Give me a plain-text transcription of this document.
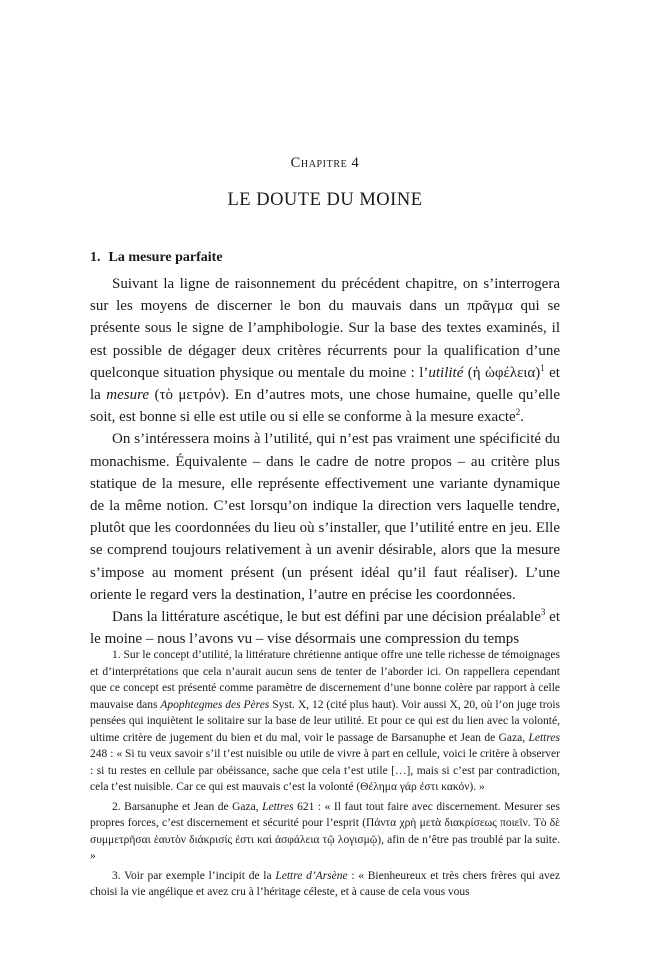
Chapitre 4
LE DOUTE DU MOINE
1. La mesure parfaite

Suivant la ligne de raisonnement du précédent chapitre, on s’interrogera sur les moyens de discerner le bon du mauvais dans un πρᾶγμα qui se présente sous le signe de l’amphibologie. Sur la base des textes examinés, il est possible de dégager deux critères récurrents pour la qualification d’une quelconque situation physique ou mentale du moine : l’utilité (ἡ ὠφέλεια)$^1$ et la mesure (τὸ μετρόν). En d’autres mots, une chose humaine, quelle qu’elle soit, est bonne si elle est utile ou si elle se conforme à la mesure exacte$^2$.

On s’intéressera moins à l’utilité, qui n’est pas vraiment une spécificité du monachisme. Équivalente – dans le cadre de notre propos – au critère plus statique de la mesure, elle représente effectivement une variante dynamique de la même notion. C’est lorsqu’on indique la direction vers laquelle tendre, plutôt que les coordonnées du lieu où s’installer, que l’utilité entre en jeu. Elle se comprend toujours relativement à un avenir désirable, alors que la mesure s’impose au moment présent (un présent idéal qu’il faut réaliser). L’une oriente le regard vers la destination, l’autre en précise les coordonnées.

Dans la littérature ascétique, le but est défini par une décision préalable$^3$ et le moine – nous l’avons vu – vise désormais une compression du temps

1. Sur le concept d’utilité, la littérature chrétienne antique offre une telle richesse de témoignages et d’interprétations que cela n’aurait aucun sens de tenter de l’aborder ici. On rappellera cependant que ce concept est présenté comme paramètre de discernement d’une bonne colère par rapport à celle mauvaise dans Apophtegmes des Pères Syst. X, 12 (cité plus haut). Voir aussi X, 20, où l’on juge trois pensées qui inquiètent le solitaire sur la base de leur utilité. Et pour ce qui est du lien avec la volonté, ultime critère de jugement du bien et du mal, voir le passage de Barsanuphe et Jean de Gaza, Lettres 248 : « Si tu veux savoir s’il t’est nuisible ou utile de vivre à part en cellule, voici le critère à observer : si tu restes en cellule par obéissance, sache que cela t’est utile […], mais si c’est par contradiction, cela t’est nuisible. Car ce qui est mauvais c’est la volonté (Θέλημα γάρ ἐστι κακόν). »

2. Barsanuphe et Jean de Gaza, Lettres 621 : « Il faut tout faire avec discernement. Mesurer ses propres forces, c’est discernement et sécurité pour l’esprit (Πάντα χρὴ μετὰ διακρίσεως ποιεῖν. Τὸ δὲ συμμετρῆσαι ἑαυτὸν διάκρισίς ἐστι καὶ ἀσφάλεια τῷ λογισμῷ), afin de n’être pas troublé par la suite. »

3. Voir par exemple l’incipit de la Lettre d’Arsène : « Bienheureux et très chers frères qui avez choisi la vie angélique et avez cru à l’héritage céleste, et à cause de cela vous vous
